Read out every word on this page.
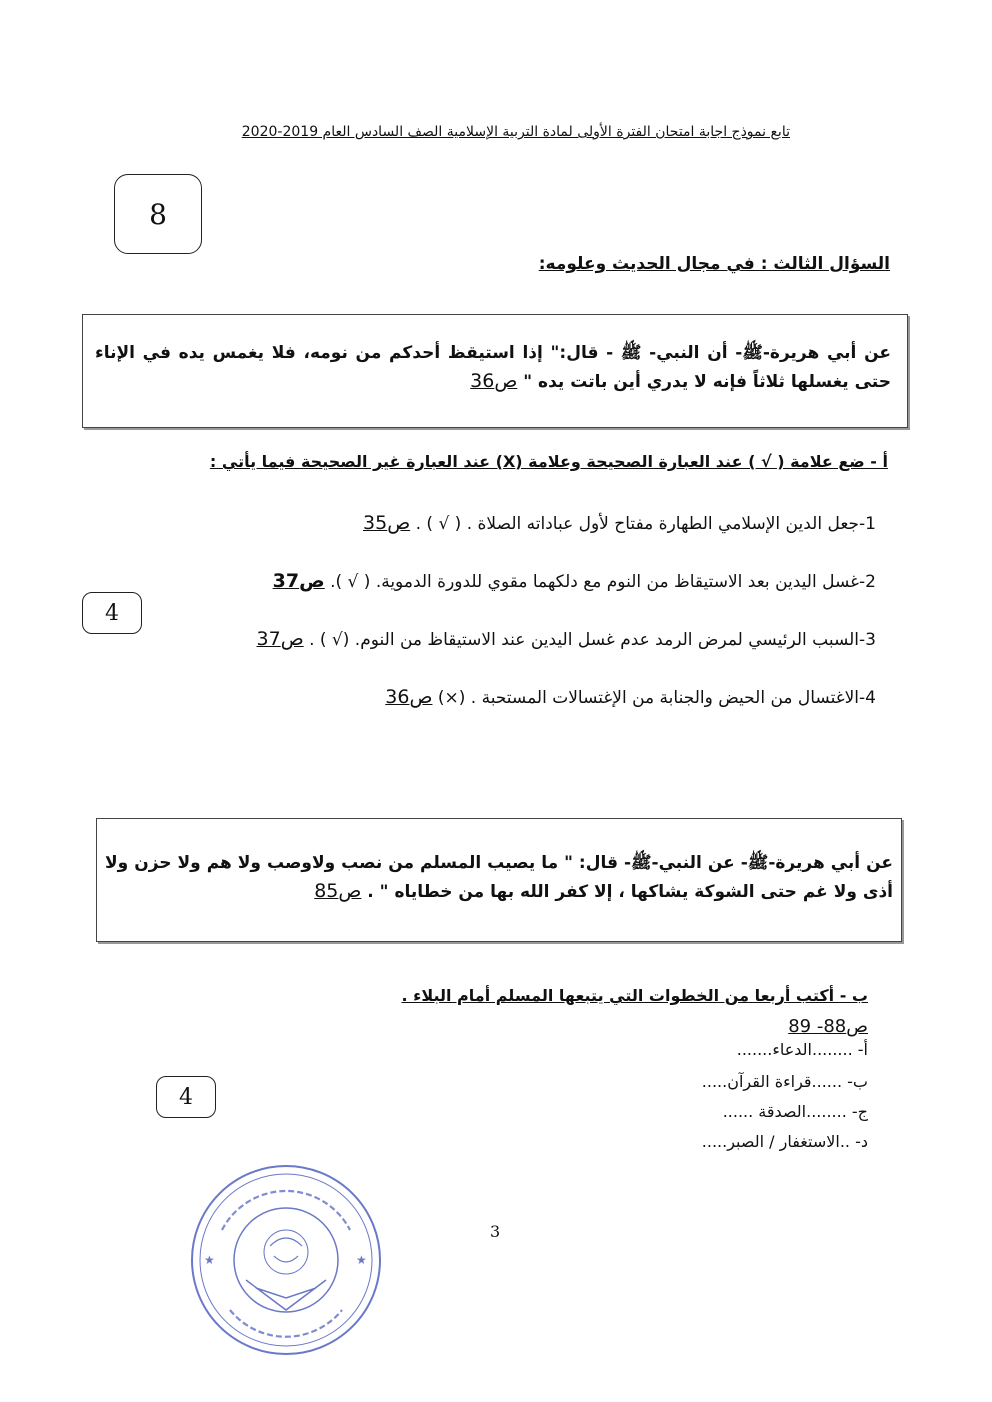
تابع نموذج اجابة امتحان الفترة الأولى لمادة التربية الإسلامية الصف السادس العام 2019-2020
8
السؤال الثالث : في مجال الحديث وعلومه:
عن أبي هريرة-ﷺ- أن النبي- ﷺ - قال:" إذا استيقظ أحدكم من نومه، فلا يغمس يده في الإناء حتى يغسلها ثلاثاً فإنه لا يدري أين باتت يده " ص36
أ - ضع علامة ( √ ) عند العبارة الصحيحة وعلامة (X) عند العبارة غير الصحيحة فيما يأتي :
1-جعل الدين الإسلامي الطهارة مفتاح لأول عباداته الصلاة . ( √ ) . ص35
2-غسل اليدين بعد الاستيقاظ من النوم مع دلكهما مقوي للدورة الدموية. ( √ ). ص37
3-السبب الرئيسي لمرض الرمد عدم غسل اليدين عند الاستيقاظ من النوم. (√ ) . ص37
4-الاغتسال من الحيض والجنابة من الإغتسالات المستحبة . (×) ص36
4
عن أبي هريرة-ﷺ- عن النبي-ﷺ- قال: " ما يصيب المسلم من نصب ولاوصب ولا هم ولا حزن ولا أذى ولا غم حتى الشوكة يشاكها ، إلا كفر الله بها من خطاياه " . ص85
ب - أكتب أربعا من الخطوات التي يتبعها المسلم أمام البلاء .
ص88- 89
أ- ........الدعاء.......
ب- ......قراءة القرآن.....
ج- ........الصدقة ......
د- ..الاستغفار / الصبر.....
4
3
★	★
